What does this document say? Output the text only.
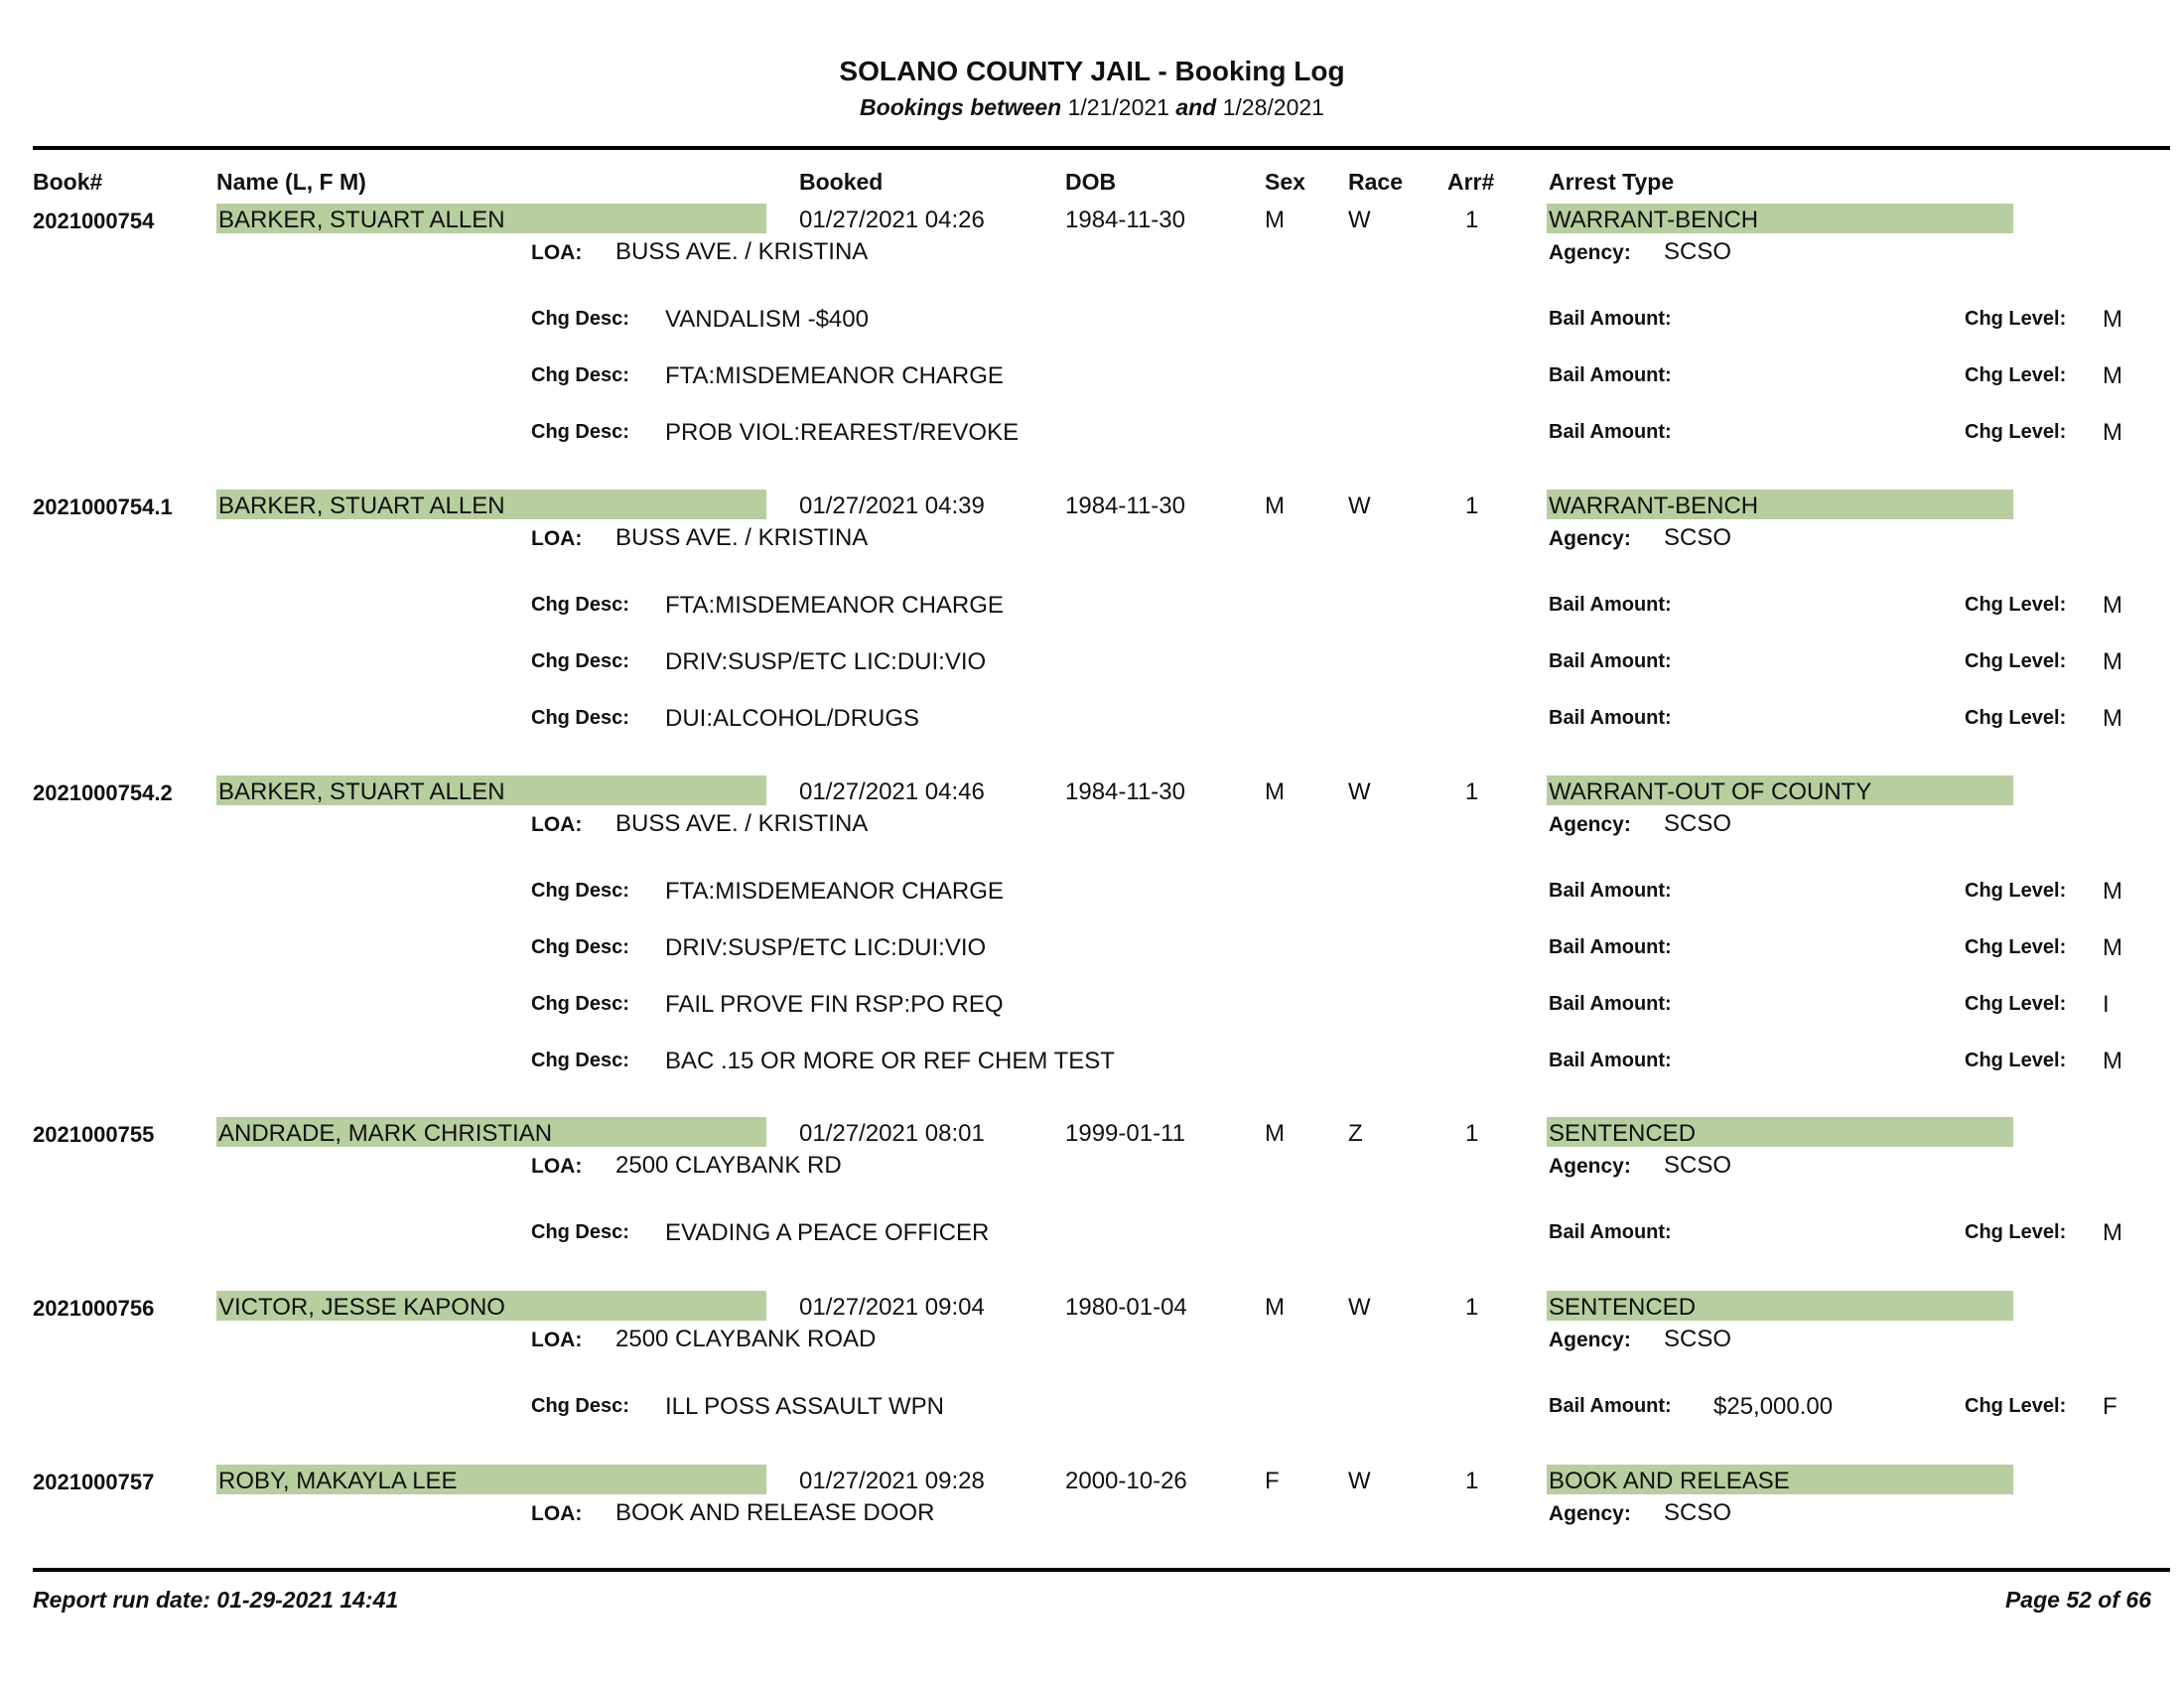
SOLANO COUNTY JAIL - Booking Log
Bookings between 1/21/2021 and 1/28/2021
Book#	Name (L, F M)	Booked	DOB	Sex Race Arr# Arrest Type
2021000754	BARKER, STUART ALLEN	01/27/2021 04:26	1984-11-30	M	W	1	WARRANT-BENCH
LOA: BUSS AVE. / KRISTINA	Agency: SCSO
Chg Desc: VANDALISM -$400	Bail Amount:	Chg Level: M
Chg Desc: FTA:MISDEMEANOR CHARGE	Bail Amount:	Chg Level: M
Chg Desc: PROB VIOL:REAREST/REVOKE	Bail Amount:	Chg Level: M
2021000754.1 BARKER, STUART ALLEN	01/27/2021 04:39	1984-11-30	M	W	1	WARRANT-BENCH
LOA: BUSS AVE. / KRISTINA	Agency: SCSO
Chg Desc: FTA:MISDEMEANOR CHARGE	Bail Amount:	Chg Level: M
Chg Desc: DRIV:SUSP/ETC LIC:DUI:VIO	Bail Amount:	Chg Level: M
Chg Desc: DUI:ALCOHOL/DRUGS	Bail Amount:	Chg Level: M
2021000754.2 BARKER, STUART ALLEN	01/27/2021 04:46	1984-11-30	M	W	1	WARRANT-OUT OF COUNTY
LOA: BUSS AVE. / KRISTINA	Agency: SCSO
Chg Desc: FTA:MISDEMEANOR CHARGE	Bail Amount:	Chg Level: M
Chg Desc: DRIV:SUSP/ETC LIC:DUI:VIO	Bail Amount:	Chg Level: M
Chg Desc: FAIL PROVE FIN RSP:PO REQ	Bail Amount:	Chg Level: I
Chg Desc: BAC .15 OR MORE OR REF CHEM TEST	Bail Amount:	Chg Level: M
2021000755	ANDRADE, MARK CHRISTIAN	01/27/2021 08:01	1999-01-11	M	Z	1	SENTENCED
LOA: 2500 CLAYBANK RD	Agency: SCSO
Chg Desc: EVADING A PEACE OFFICER	Bail Amount:	Chg Level: M
2021000756	VICTOR, JESSE KAPONO	01/27/2021 09:04	1980-01-04	M	W	1	SENTENCED
LOA: 2500 CLAYBANK ROAD	Agency: SCSO
Chg Desc: ILL POSS ASSAULT WPN	Bail Amount: $25,000.00	Chg Level: F
2021000757	ROBY, MAKAYLA LEE	01/27/2021 09:28	2000-10-26	F	W	1	BOOK AND RELEASE
LOA: BOOK AND RELEASE DOOR	Agency: SCSO
Report run date: 01-29-2021 14:41	Page 52 of 66
